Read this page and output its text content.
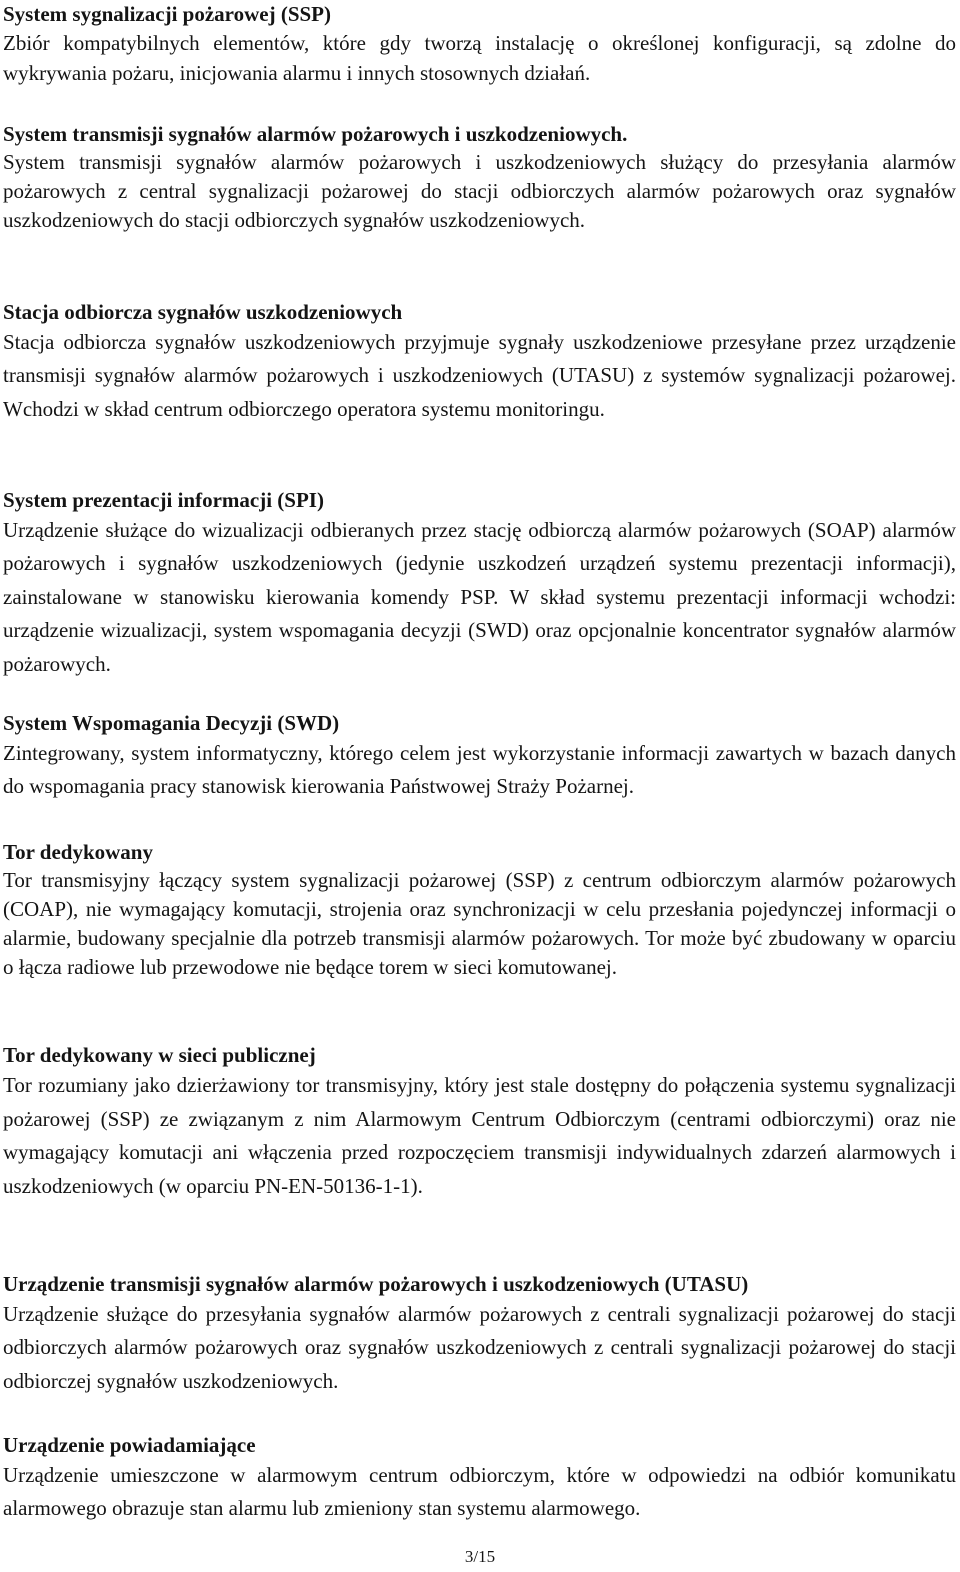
System sygnalizacji pożarowej (SSP)

Zbiór kompatybilnych elementów, które gdy tworzą instalację o określonej konfiguracji, są zdolne do wykrywania pożaru, inicjowania alarmu i innych stosownych działań.

System transmisji sygnałów alarmów pożarowych i uszkodzeniowych.

System transmisji sygnałów alarmów pożarowych i uszkodzeniowych służący do przesyłania alarmów pożarowych z central sygnalizacji pożarowej do stacji odbiorczych alarmów pożarowych oraz sygnałów uszkodzeniowych do stacji odbiorczych sygnałów uszkodzeniowych.

Stacja odbiorcza sygnałów uszkodzeniowych

Stacja odbiorcza sygnałów uszkodzeniowych przyjmuje sygnały uszkodzeniowe przesyłane przez urządzenie transmisji sygnałów alarmów pożarowych i uszkodzeniowych (UTASU) z systemów sygnalizacji pożarowej. Wchodzi w skład centrum odbiorczego operatora systemu monitoringu.

System prezentacji informacji (SPI)

Urządzenie służące do wizualizacji odbieranych przez stację odbiorczą alarmów pożarowych (SOAP) alarmów pożarowych i sygnałów uszkodzeniowych (jedynie uszkodzeń urządzeń systemu prezentacji informacji), zainstalowane w stanowisku kierowania komendy PSP. W skład systemu prezentacji informacji wchodzi: urządzenie wizualizacji, system wspomagania decyzji (SWD) oraz opcjonalnie koncentrator sygnałów alarmów pożarowych.

System Wspomagania Decyzji (SWD)

Zintegrowany, system informatyczny, którego celem jest wykorzystanie informacji zawartych w bazach danych do wspomagania pracy stanowisk kierowania Państwowej Straży Pożarnej.

Tor dedykowany

Tor transmisyjny łączący system sygnalizacji pożarowej (SSP) z centrum odbiorczym alarmów pożarowych (COAP), nie wymagający komutacji, strojenia oraz synchronizacji w celu przesłania pojedynczej informacji o alarmie, budowany specjalnie dla potrzeb transmisji alarmów pożarowych. Tor może być zbudowany w oparciu o łącza radiowe lub przewodowe nie będące torem w sieci komutowanej.

Tor dedykowany w sieci publicznej

Tor rozumiany jako dzierżawiony tor transmisyjny, który jest stale dostępny do połączenia systemu sygnalizacji pożarowej (SSP) ze związanym z nim Alarmowym Centrum Odbiorczym (centrami odbiorczymi) oraz nie wymagający komutacji ani włączenia przed rozpoczęciem transmisji indywidualnych zdarzeń alarmowych i uszkodzeniowych (w oparciu PN-EN-50136-1-1).

Urządzenie transmisji sygnałów alarmów pożarowych i uszkodzeniowych (UTASU)

Urządzenie służące do przesyłania sygnałów alarmów pożarowych z centrali sygnalizacji pożarowej do stacji odbiorczych alarmów pożarowych oraz sygnałów uszkodzeniowych z centrali sygnalizacji pożarowej do stacji odbiorczej sygnałów uszkodzeniowych.

Urządzenie powiadamiające

Urządzenie umieszczone w alarmowym centrum odbiorczym, które w odpowiedzi na odbiór komunikatu alarmowego obrazuje stan alarmu lub zmieniony stan systemu alarmowego.

3/15
